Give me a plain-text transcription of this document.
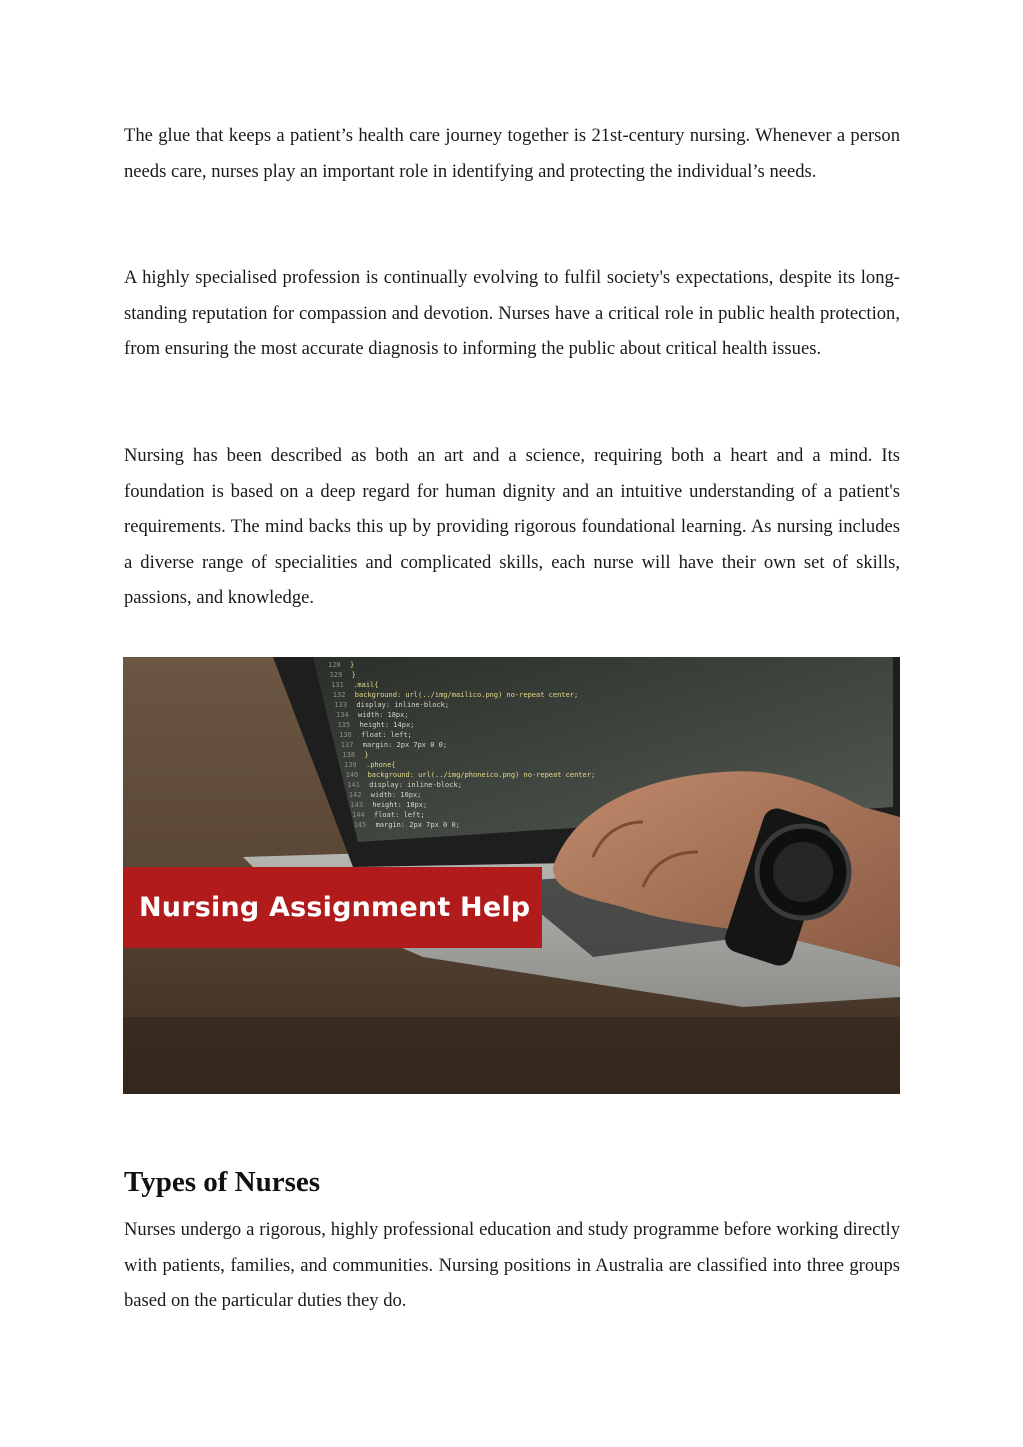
The glue that keeps a patient’s health care journey together is 21st-century nursing. Whenever a person needs care, nurses play an important role in identifying and protecting the individual’s needs.

A highly specialised profession is continually evolving to fulfil society's expectations, despite its long-standing reputation for compassion and devotion. Nurses have a critical role in public health protection, from ensuring the most accurate diagnosis to informing the public about critical health issues.

Nursing has been described as both an art and a science, requiring both a heart and a mind. Its foundation is based on a deep regard for human dignity and an intuitive understanding of a patient's requirements. The mind backs this up by providing rigorous foundational learning. As nursing includes a diverse range of specialities and complicated skills, each nurse will have their own set of skills, passions, and knowledge.

128 }
129 }
131 .mail{
132 background: url(../img/mailico.png) no-repeat center;
133 display: inline-block;
134 width: 18px;
135 height: 14px;
136 float: left;
137 margin: 2px 7px 0 0;
138 }
139 .phone{
140 background: url(../img/phoneico.png) no-repeat center;
141 display: inline-block;
142 width: 10px;
143 height: 18px;
144 float: left;
145 margin: 2px 7px 0 0;
Nursing Assignment Help
Types of Nurses

Nurses undergo a rigorous, highly professional education and study programme before working directly with patients, families, and communities. Nursing positions in Australia are classified into three groups based on the particular duties they do.
